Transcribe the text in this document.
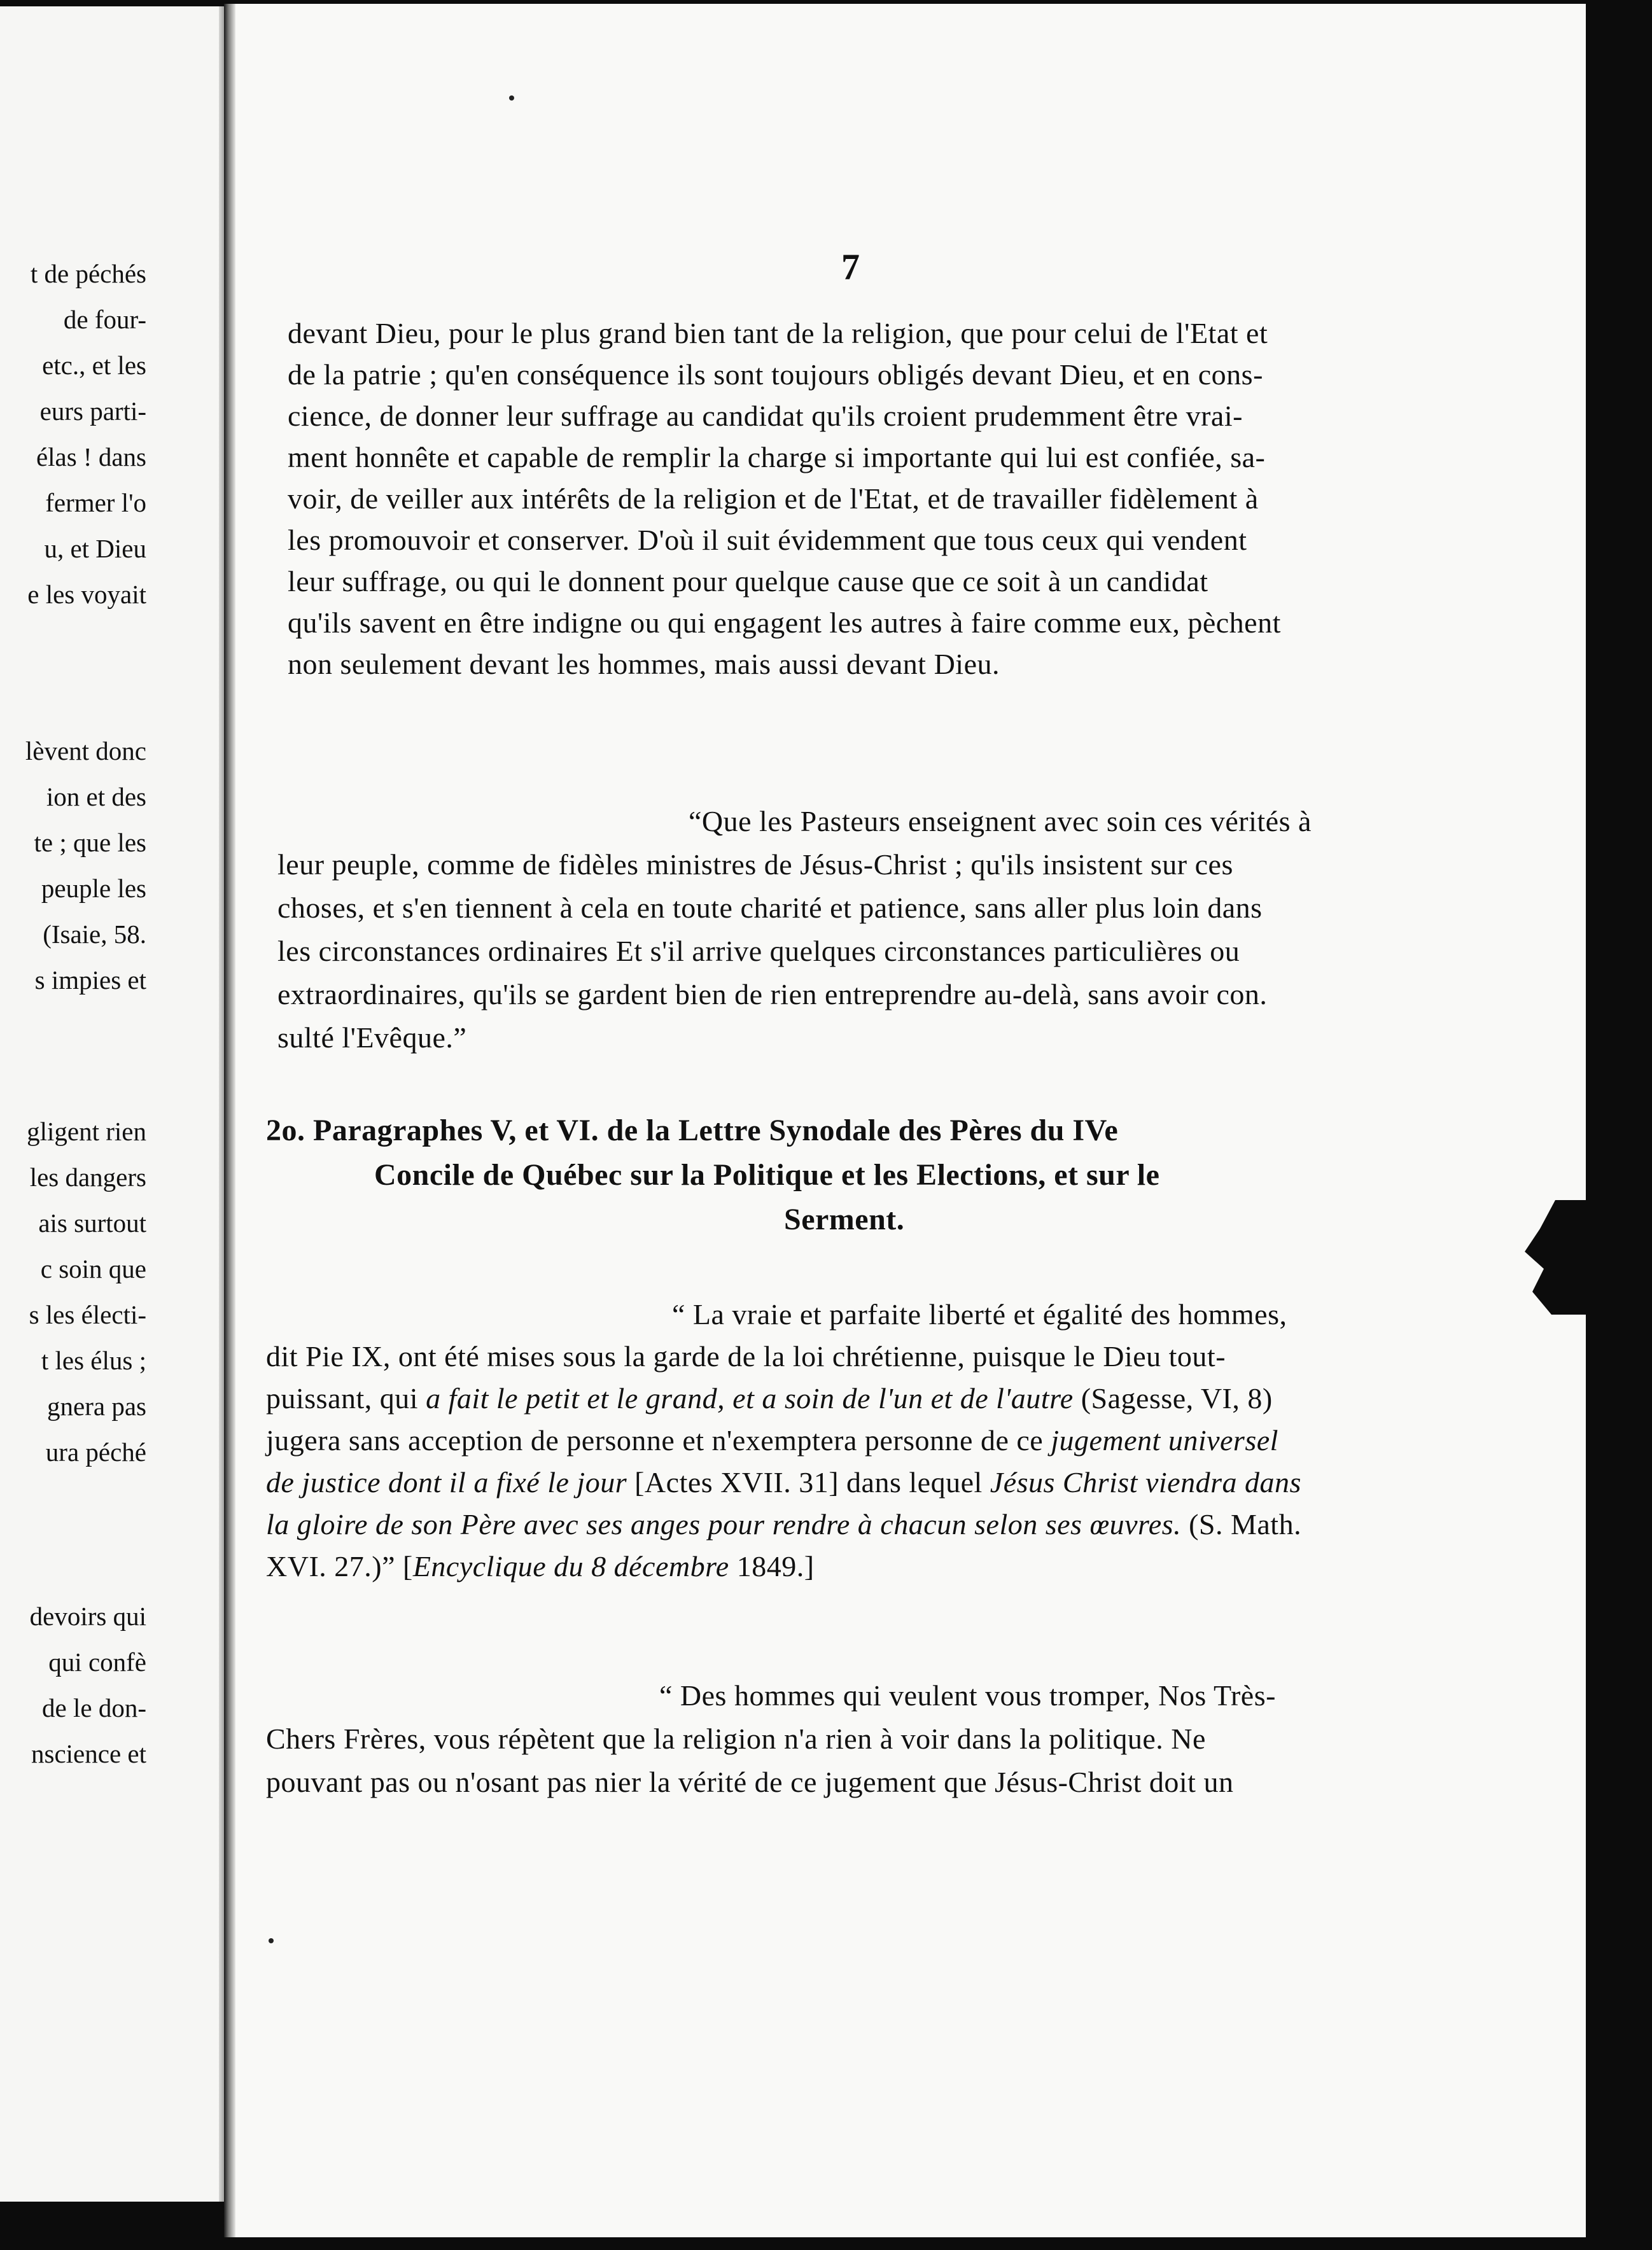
t de péchés
de four-
etc., et les
eurs parti-
élas ! dans
fermer l'o
u, et Dieu
e les voyait
lèvent donc
ion et des
te ; que les
peuple les
(Isaie, 58.
s impies et
gligent rien
les dangers
ais surtout
c soin que
s les électi-
t les élus ;
gnera pas
ura péché
devoirs qui
qui confè
de le don-
nscience et
7
devant Dieu, pour le plus grand bien tant de la religion, que pour celui de l'Etat et
de la patrie ; qu'en conséquence ils sont toujours obligés devant Dieu, et en cons-
cience, de donner leur suffrage au candidat qu'ils croient prudemment être vrai-
ment honnête et capable de remplir la charge si importante qui lui est confiée, sa-
voir, de veiller aux intérêts de la religion et de l'Etat, et de travailler fidèlement à
les promouvoir et conserver. D'où il suit évidemment que tous ceux qui vendent
leur suffrage, ou qui le donnent pour quelque cause que ce soit à un candidat
qu'ils savent en être indigne ou qui engagent les autres à faire comme eux, pèchent
non seulement devant les hommes, mais aussi devant Dieu.
“Que les Pasteurs enseignent avec soin ces vérités à
leur peuple, comme de fidèles ministres de Jésus-Christ ; qu'ils insistent sur ces
choses, et s'en tiennent à cela en toute charité et patience, sans aller plus loin dans
les circonstances ordinaires Et s'il arrive quelques circonstances particulières ou
extraordinaires, qu'ils se gardent bien de rien entreprendre au-delà, sans avoir con.
sulté l'Evêque.”
2o. Paragraphes V, et VI. de la Lettre Synodale des Pères du IVe
Concile de Québec sur la Politique et les Elections, et sur le
Serment.
“ La vraie et parfaite liberté et égalité des hommes,
dit Pie IX, ont été mises sous la garde de la loi chrétienne, puisque le Dieu tout-
puissant, qui a fait le petit et le grand, et a soin de l'un et de l'autre (Sagesse, VI, 8)
jugera sans acception de personne et n'exemptera personne de ce jugement universel
de justice dont il a fixé le jour [Actes XVII. 31] dans lequel Jésus Christ viendra dans
la gloire de son Père avec ses anges pour rendre à chacun selon ses œuvres. (S. Math.
XVI. 27.)” [Encyclique du 8 décembre 1849.]
“ Des hommes qui veulent vous tromper, Nos Très-
Chers Frères, vous répètent que la religion n'a rien à voir dans la politique. Ne
pouvant pas ou n'osant pas nier la vérité de ce jugement que Jésus-Christ doit un
